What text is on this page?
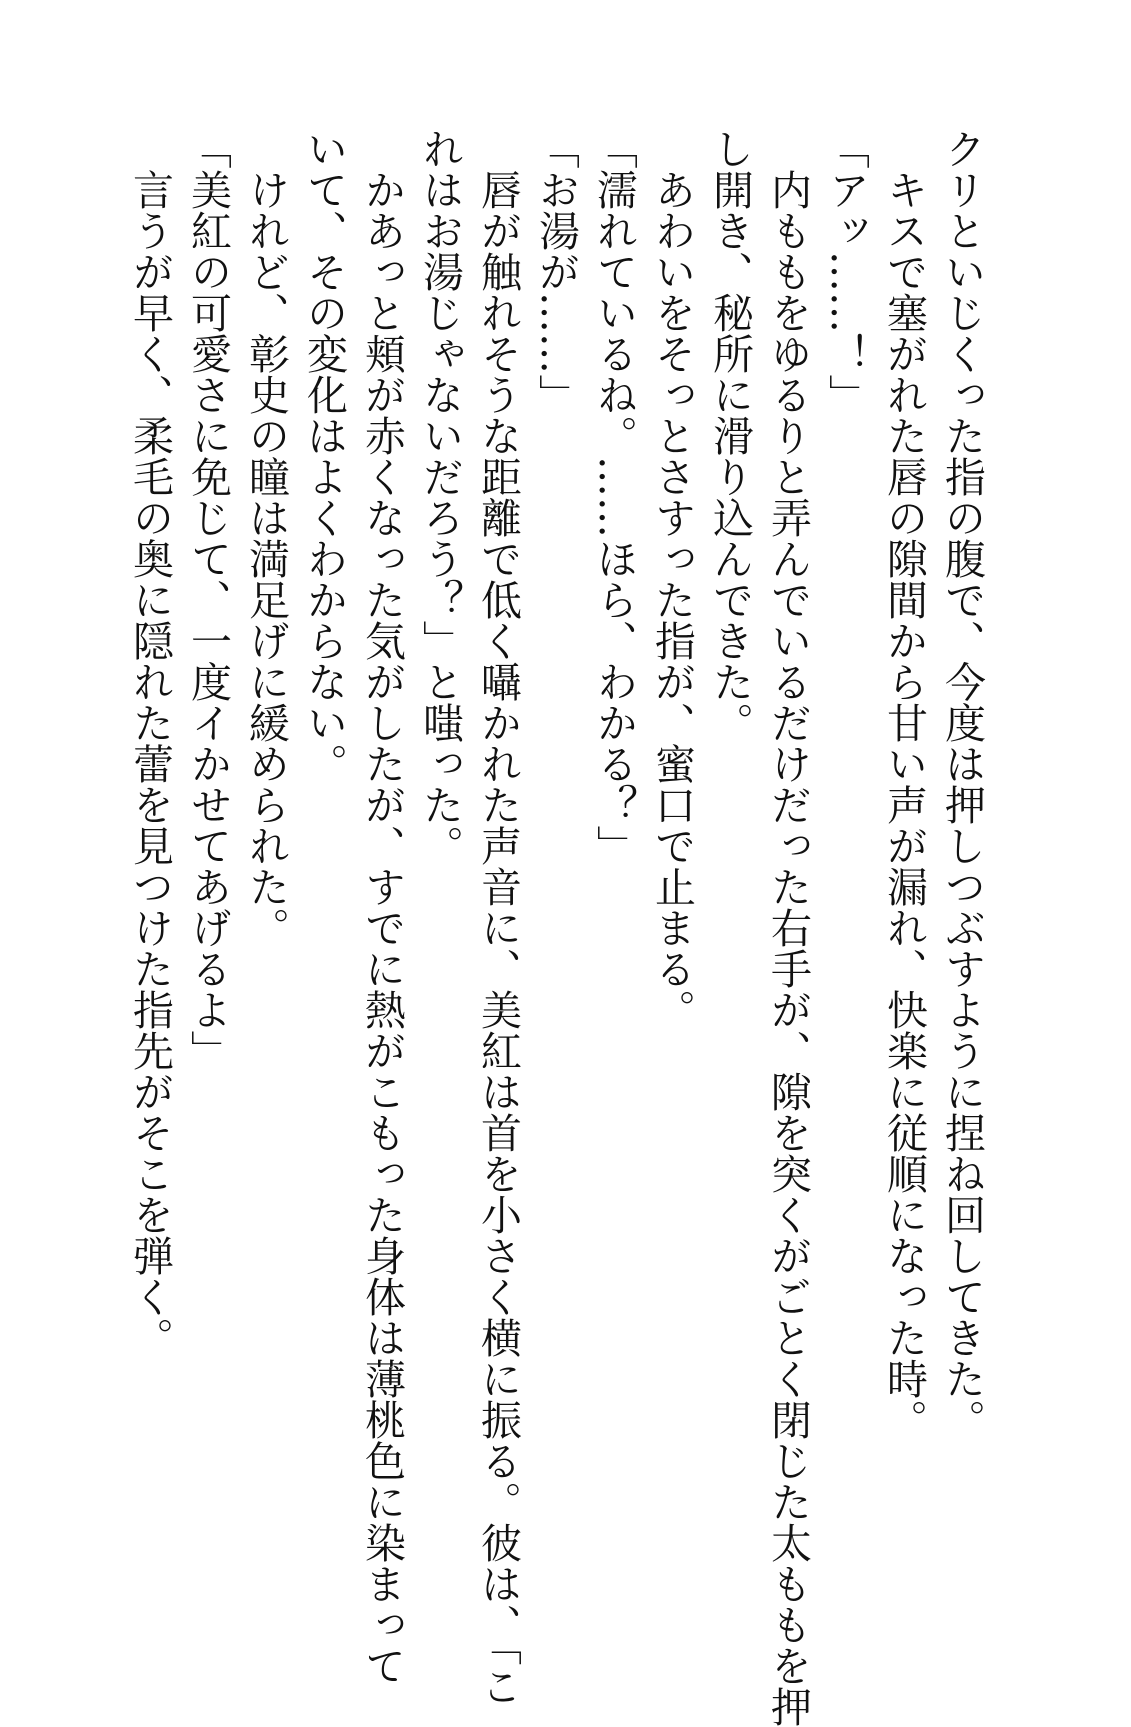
クリといじくった指の腹で、今度は押しつぶすように捏ね回してきた。
　キスで塞がれた唇の隙間から甘い声が漏れ、快楽に従順になった時。
「アッ……！」
　内ももをゆるりと弄んでいるだけだった右手が、隙を突くがごとく閉じた太ももを押
し開き、秘所に滑り込んできた。
　あわいをそっとさすった指が、蜜口で止まる。
「濡れているね。……ほら、わかる？」
「お湯が……」
　唇が触れそうな距離で低く囁かれた声音に、美紅は首を小さく横に振る。彼は、「こ
れはお湯じゃないだろう？」と嗤った。
　かあっと頬が赤くなった気がしたが、すでに熱がこもった身体は薄桃色に染まって
いて、その変化はよくわからない。
　けれど、彰史の瞳は満足げに緩められた。
「美紅の可愛さに免じて、一度イかせてあげるよ」
　言うが早く、柔毛の奥に隠れた蕾を見つけた指先がそこを弾く。
